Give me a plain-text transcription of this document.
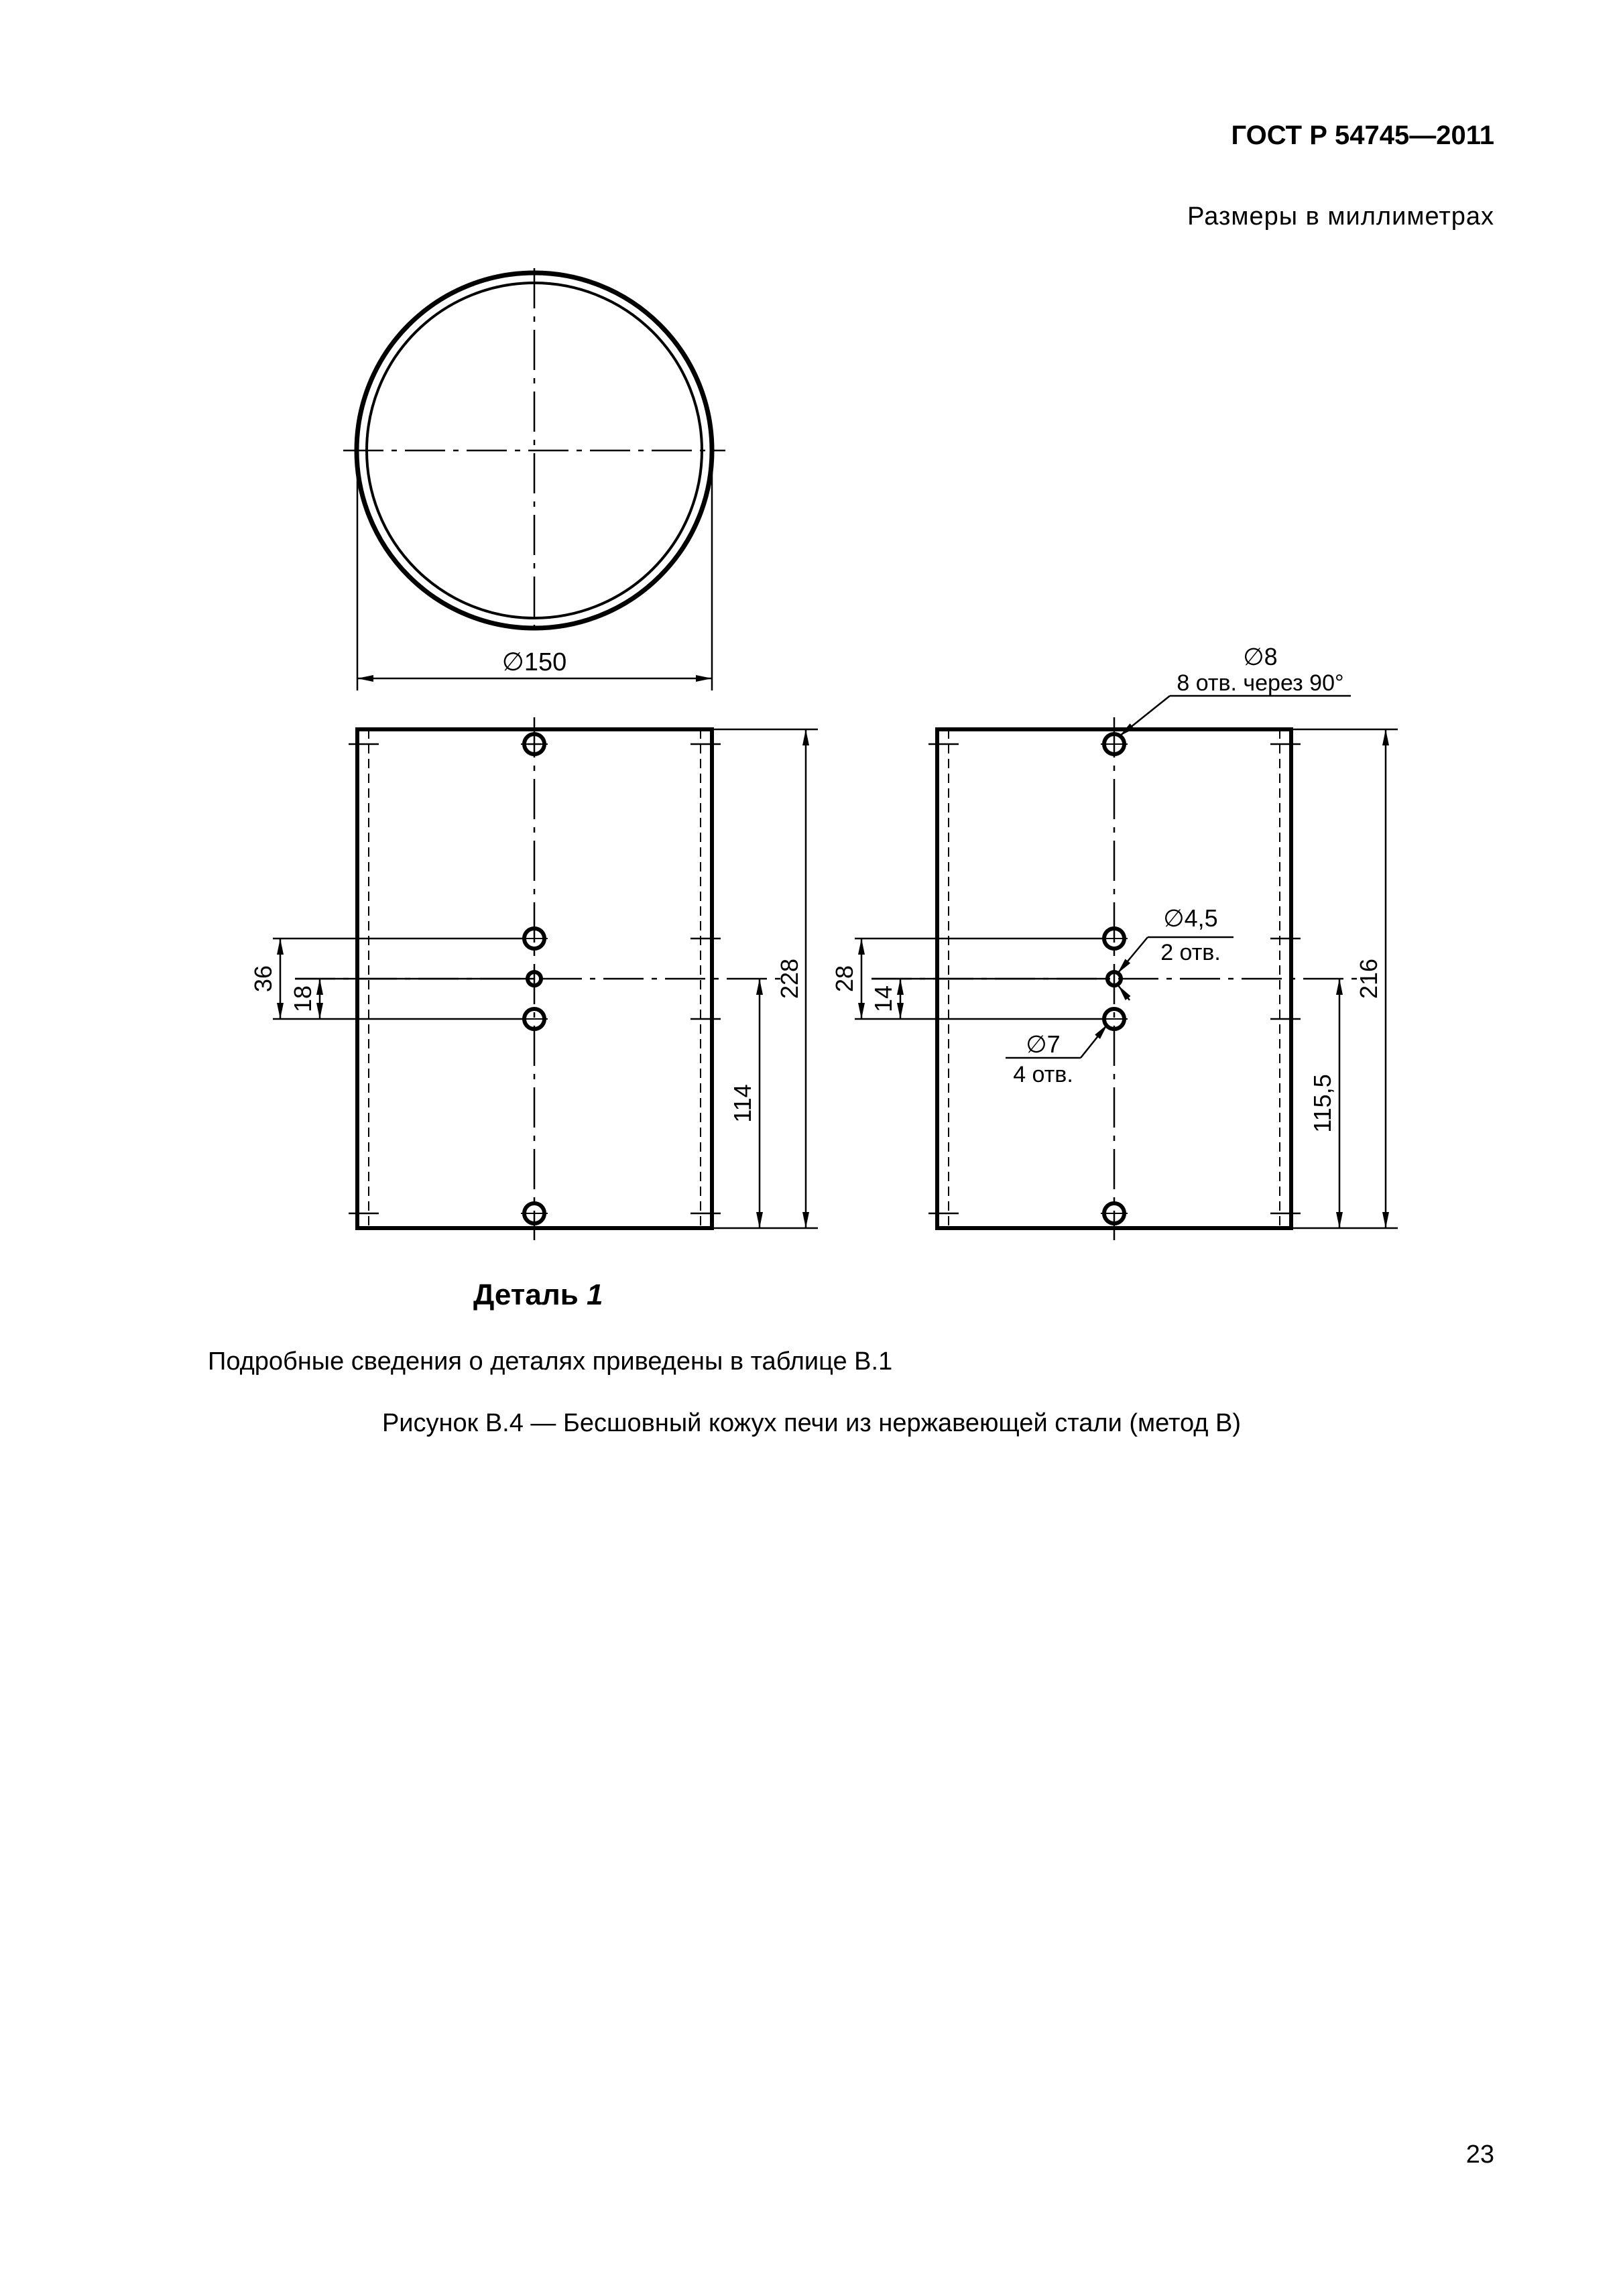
ГОСТ Р 54745—2011
Размеры в миллиметрах
∅150
36
18	228
114
∅8
8 отв. через 90°
∅4,5
2 отв.
∅7
4 отв.
28
14	216
115,5
Деталь 1
Подробные сведения о деталях приведены в таблице В.1
Рисунок В.4 — Бесшовный кожух печи из нержавеющей стали (метод В)
23
